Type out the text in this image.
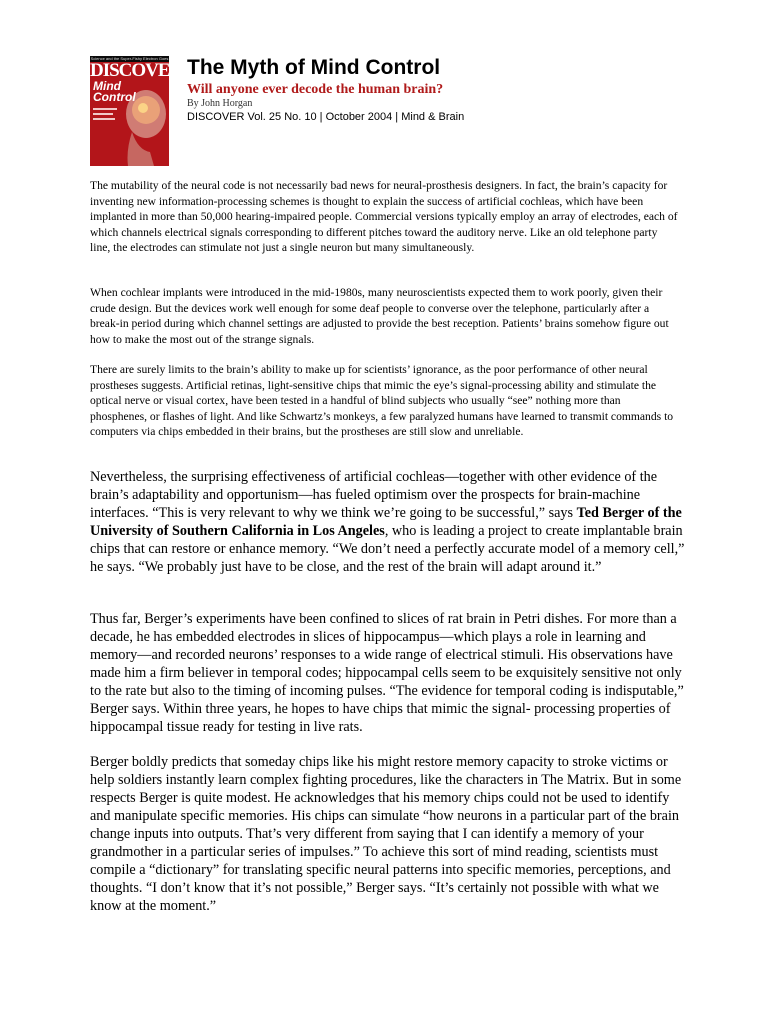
Science and the Super-Fishy Electron Goes
DISCOVER
Mind
Control
The Myth of Mind Control
Will anyone ever decode the human brain?
By John Horgan
DISCOVER Vol. 25 No. 10 | October 2004 | Mind & Brain

The mutability of the neural code is not necessarily bad news for neural-prosthesis designers. In fact, the brain’s capacity for inventing new information-processing schemes is thought to explain the success of artificial cochleas, which have been implanted in more than 50,000 hearing-impaired people. Commercial versions typically employ an array of electrodes, each of which channels electrical signals corresponding to different pitches toward the auditory nerve. Like an old telephone party line, the electrodes can stimulate not just a single neuron but many simultaneously.

When cochlear implants were introduced in the mid-1980s, many neuroscientists expected them to work poorly, given their crude design. But the devices work well enough for some deaf people to converse over the telephone, particularly after a break-in period during which channel settings are adjusted to provide the best reception. Patients’ brains somehow figure out how to make the most out of the strange signals.

There are surely limits to the brain’s ability to make up for scientists’ ignorance, as the poor performance of other neural prostheses suggests. Artificial retinas, light-sensitive chips that mimic the eye’s signal-processing ability and stimulate the optical nerve or visual cortex, have been tested in a handful of blind subjects who usually “see” nothing more than phosphenes, or flashes of light. And like Schwartz’s monkeys, a few paralyzed humans have learned to transmit commands to computers via chips embedded in their brains, but the prostheses are still slow and unreliable.

Nevertheless, the surprising effectiveness of artificial cochleas—together with other evidence of the brain’s adaptability and opportunism—has fueled optimism over the prospects for brain-machine interfaces. “This is very relevant to why we think we’re going to be successful,” says Ted Berger of the University of Southern California in Los Angeles, who is leading a project to create implantable brain chips that can restore or enhance memory. “We don’t need a perfectly accurate model of a memory cell,” he says. “We probably just have to be close, and the rest of the brain will adapt around it.”

Thus far, Berger’s experiments have been confined to slices of rat brain in Petri dishes. For more than a decade, he has embedded electrodes in slices of hippocampus—which plays a role in learning and memory—and recorded neurons’ responses to a wide range of electrical stimuli. His observations have made him a firm believer in temporal codes; hippocampal cells seem to be exquisitely sensitive not only to the rate but also to the timing of incoming pulses. “The evidence for temporal coding is indisputable,” Berger says. Within three years, he hopes to have chips that mimic the signal- processing properties of hippocampal tissue ready for testing in live rats.

Berger boldly predicts that someday chips like his might restore memory capacity to stroke victims or help soldiers instantly learn complex fighting procedures, like the characters in The Matrix. But in some respects Berger is quite modest. He acknowledges that his memory chips could not be used to identify and manipulate specific memories. His chips can simulate “how neurons in a particular part of the brain change inputs into outputs. That’s very different from saying that I can identify a memory of your grandmother in a particular series of impulses.” To achieve this sort of mind reading, scientists must compile a “dictionary” for translating specific neural patterns into specific memories, perceptions, and thoughts. “I don’t know that it’s not possible,” Berger says. “It’s certainly not possible with what we know at the moment.”
